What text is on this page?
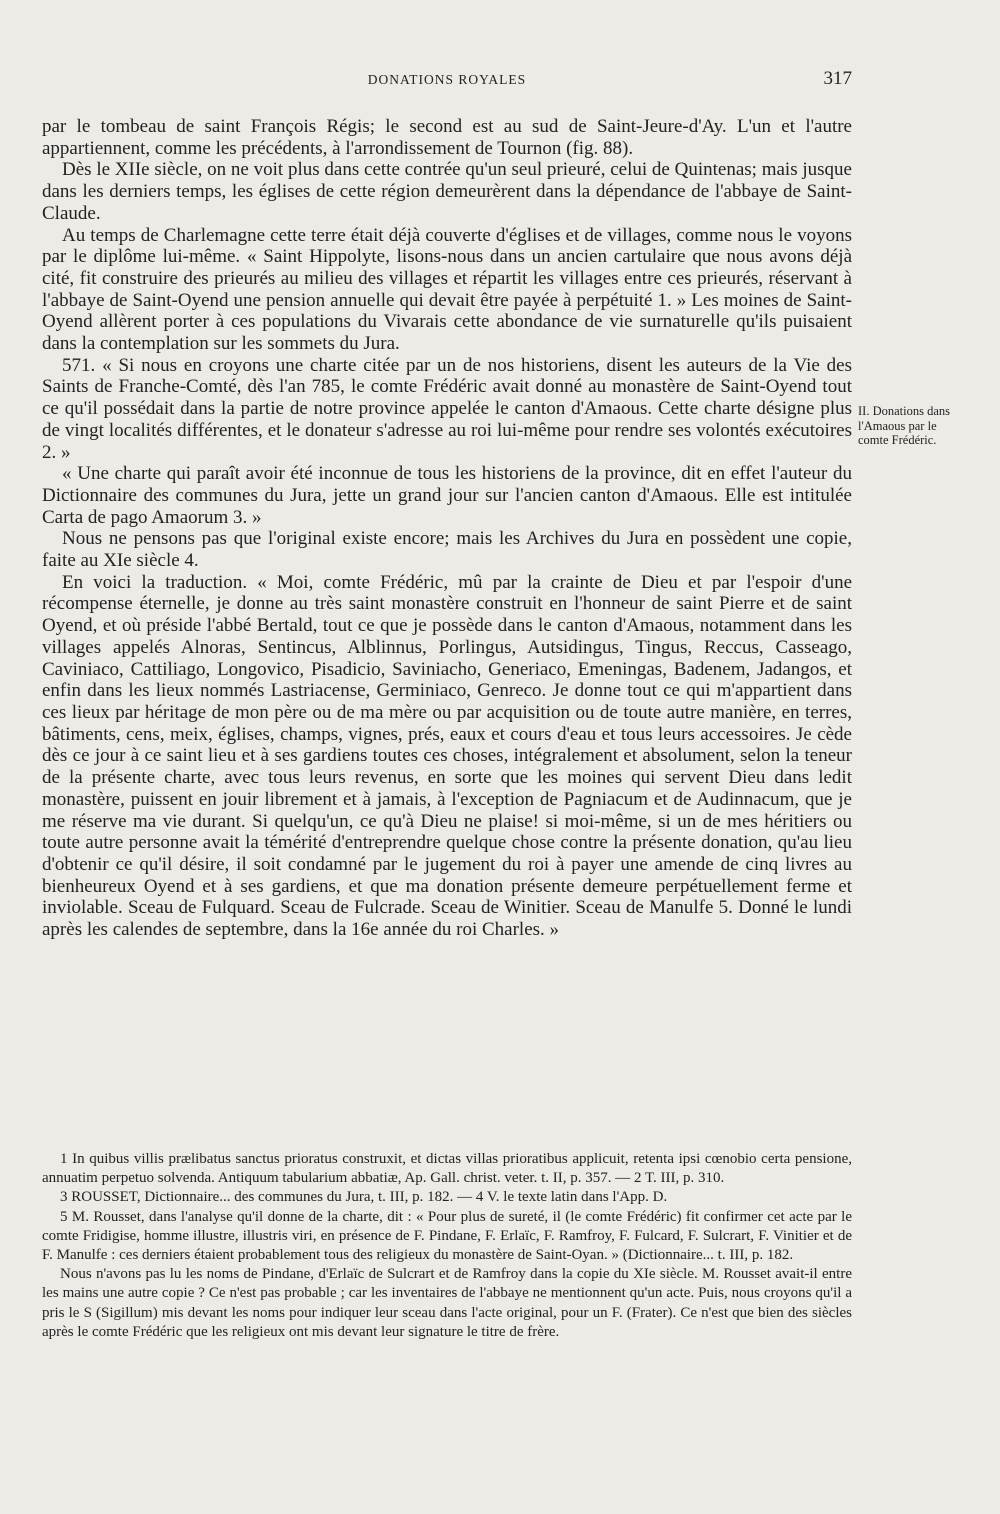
DONATIONS ROYALES	317

par le tombeau de saint François Régis; le second est au sud de Saint-Jeure-d'Ay. L'un et l'autre appartiennent, comme les précédents, à l'arrondissement de Tournon (fig. 88).

Dès le XIIe siècle, on ne voit plus dans cette contrée qu'un seul prieuré, celui de Quintenas; mais jusque dans les derniers temps, les églises de cette région demeurèrent dans la dépendance de l'abbaye de Saint-Claude.

Au temps de Charlemagne cette terre était déjà couverte d'églises et de villages, comme nous le voyons par le diplôme lui-même. « Saint Hippolyte, lisons-nous dans un ancien cartulaire que nous avons déjà cité, fit construire des prieurés au milieu des villages et répartit les villages entre ces prieurés, réservant à l'abbaye de Saint-Oyend une pension annuelle qui devait être payée à perpétuité 1. » Les moines de Saint-Oyend allèrent porter à ces populations du Vivarais cette abondance de vie surnaturelle qu'ils puisaient dans la contemplation sur les sommets du Jura.

571. « Si nous en croyons une charte citée par un de nos historiens, disent les auteurs de la Vie des Saints de Franche-Comté, dès l'an 785, le comte Frédéric avait donné au monastère de Saint-Oyend tout ce qu'il possédait dans la partie de notre province appelée le canton d'Amaous. Cette charte désigne plus de vingt localités différentes, et le donateur s'adresse au roi lui-même pour rendre ses volontés exécutoires 2. »

« Une charte qui paraît avoir été inconnue de tous les historiens de la province, dit en effet l'auteur du Dictionnaire des communes du Jura, jette un grand jour sur l'ancien canton d'Amaous. Elle est intitulée Carta de pago Amaorum 3. »

Nous ne pensons pas que l'original existe encore; mais les Archives du Jura en possèdent une copie, faite au XIe siècle 4.

En voici la traduction. « Moi, comte Frédéric, mû par la crainte de Dieu et par l'espoir d'une récompense éternelle, je donne au très saint monastère construit en l'honneur de saint Pierre et de saint Oyend, et où préside l'abbé Bertald, tout ce que je possède dans le canton d'Amaous, notamment dans les villages appelés Alnoras, Sentincus, Alblinnus, Porlingus, Autsidingus, Tingus, Reccus, Casseago, Caviniaco, Cattiliago, Longovico, Pisadicio, Saviniacho, Generiaco, Emeningas, Badenem, Jadangos, et enfin dans les lieux nommés Lastriacense, Germiniaco, Genreco. Je donne tout ce qui m'appartient dans ces lieux par héritage de mon père ou de ma mère ou par acquisition ou de toute autre manière, en terres, bâtiments, cens, meix, églises, champs, vignes, prés, eaux et cours d'eau et tous leurs accessoires. Je cède dès ce jour à ce saint lieu et à ses gardiens toutes ces choses, intégralement et absolument, selon la teneur de la présente charte, avec tous leurs revenus, en sorte que les moines qui servent Dieu dans ledit monastère, puissent en jouir librement et à jamais, à l'exception de Pagniacum et de Audinnacum, que je me réserve ma vie durant. Si quelqu'un, ce qu'à Dieu ne plaise! si moi-même, si un de mes héritiers ou toute autre personne avait la témérité d'entreprendre quelque chose contre la présente donation, qu'au lieu d'obtenir ce qu'il désire, il soit condamné par le jugement du roi à payer une amende de cinq livres au bienheureux Oyend et à ses gardiens, et que ma donation présente demeure perpétuellement ferme et inviolable. Sceau de Fulquard. Sceau de Fulcrade. Sceau de Winitier. Sceau de Manulfe 5. Donné le lundi après les calendes de septembre, dans la 16e année du roi Charles. »

II. Donations dans l'Amaous par le comte Frédéric.

1 In quibus villis prælibatus sanctus prioratus construxit, et dictas villas prioratibus applicuit, retenta ipsi cœnobio certa pensione, annuatim perpetuo solvenda. Antiquum tabularium abbatiæ, Ap. Gall. christ. veter. t. II, p. 357. — 2 T. III, p. 310.

3 ROUSSET, Dictionnaire... des communes du Jura, t. III, p. 182. — 4 V. le texte latin dans l'App. D.

5 M. Rousset, dans l'analyse qu'il donne de la charte, dit : « Pour plus de sureté, il (le comte Frédéric) fit confirmer cet acte par le comte Fridigise, homme illustre, illustris viri, en présence de F. Pindane, F. Erlaïc, F. Ramfroy, F. Fulcard, F. Sulcrart, F. Vinitier et de F. Manulfe : ces derniers étaient probablement tous des religieux du monastère de Saint-Oyan. » (Dictionnaire... t. III, p. 182.

Nous n'avons pas lu les noms de Pindane, d'Erlaïc de Sulcrart et de Ramfroy dans la copie du XIe siècle. M. Rousset avait-il entre les mains une autre copie ? Ce n'est pas probable ; car les inventaires de l'abbaye ne mentionnent qu'un acte. Puis, nous croyons qu'il a pris le S (Sigillum) mis devant les noms pour indiquer leur sceau dans l'acte original, pour un F. (Frater). Ce n'est que bien des siècles après le comte Frédéric que les religieux ont mis devant leur signature le titre de frère.
